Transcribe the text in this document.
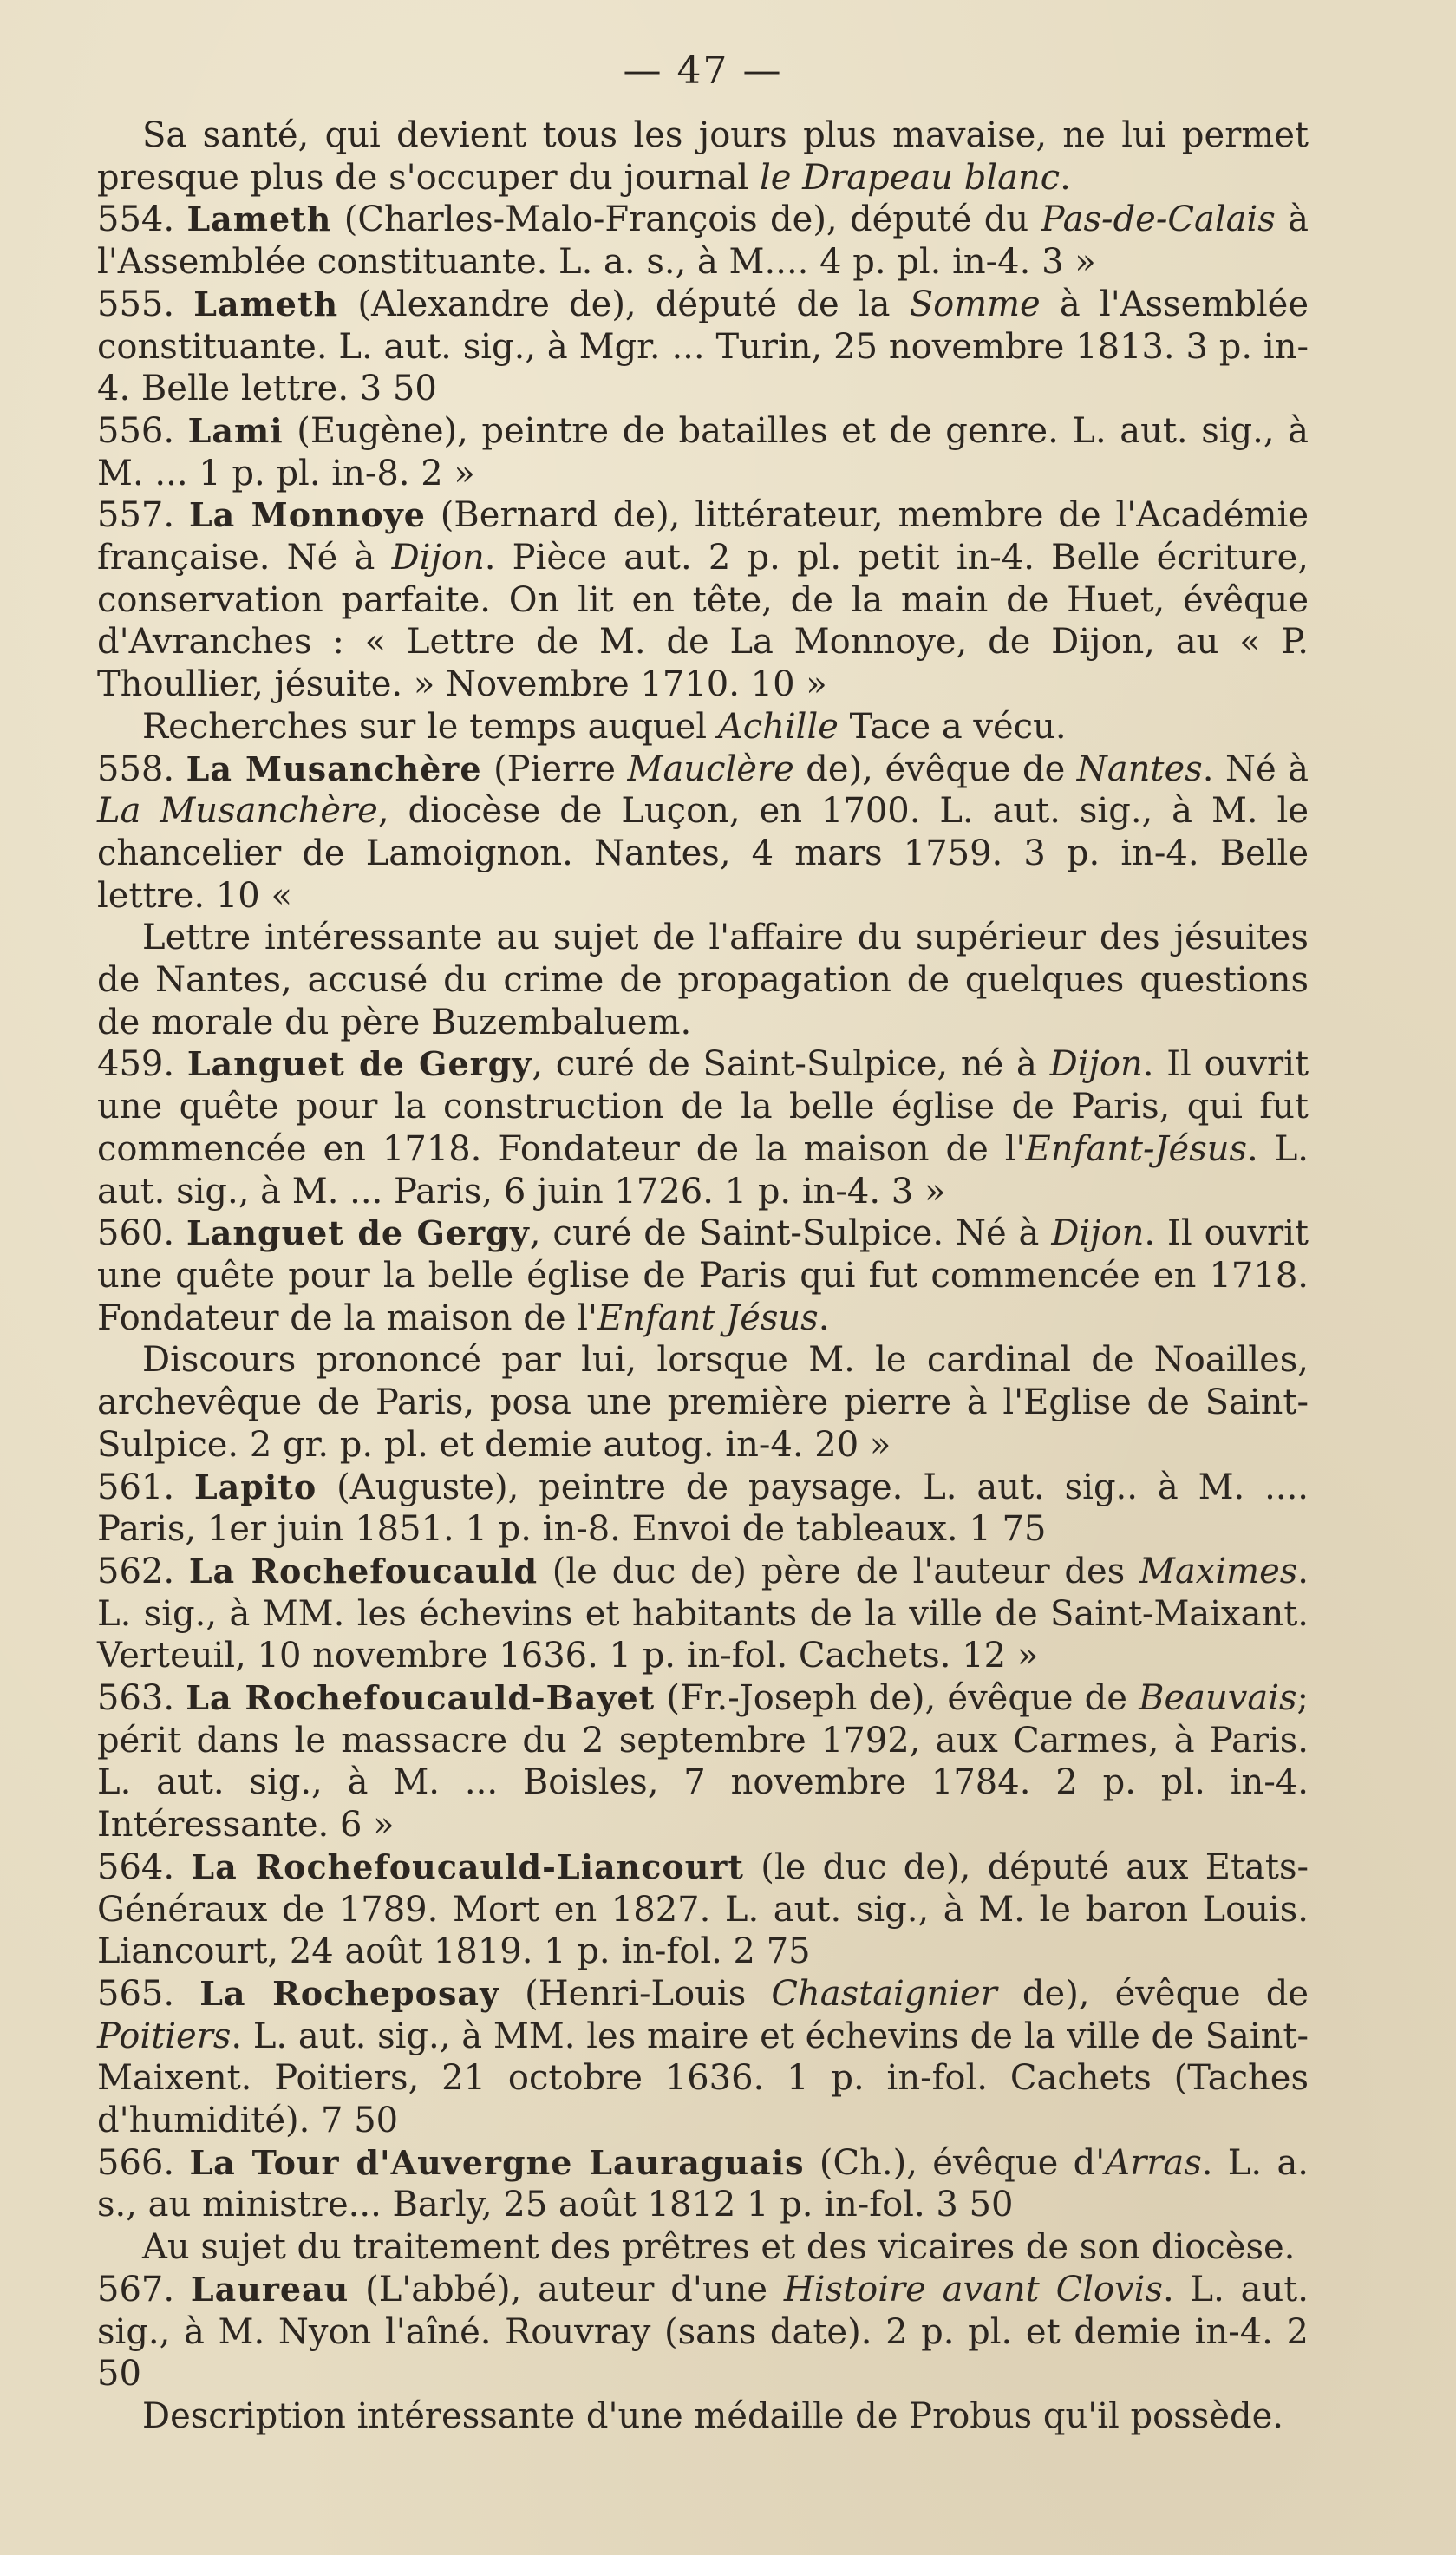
— 47 —

Sa santé, qui devient tous les jours plus mavaise, ne lui permet presque plus de s'occuper du journal le Drapeau blanc.

554. Lameth (Charles-Malo-François de), député du Pas-de-Calais à l'Assemblée constituante. L. a. s., à M.... 4 p. pl. in-4. 3 »

555. Lameth (Alexandre de), député de la Somme à l'Assemblée constituante. L. aut. sig., à Mgr. ... Turin, 25 novembre 1813. 3 p. in-4. Belle lettre. 3 50

556. Lami (Eugène), peintre de batailles et de genre. L. aut. sig., à M. ... 1 p. pl. in-8. 2 »

557. La Monnoye (Bernard de), littérateur, membre de l'Académie française. Né à Dijon. Pièce aut. 2 p. pl. petit in-4. Belle écriture, conservation parfaite. On lit en tête, de la main de Huet, évêque d'Avranches : « Lettre de M. de La Monnoye, de Dijon, au « P. Thoullier, jésuite. » Novembre 1710. 10 »

Recherches sur le temps auquel Achille Tace a vécu.

558. La Musanchère (Pierre Mauclère de), évêque de Nantes. Né à La Musanchère, diocèse de Luçon, en 1700. L. aut. sig., à M. le chancelier de Lamoignon. Nantes, 4 mars 1759. 3 p. in-4. Belle lettre. 10 «

Lettre intéressante au sujet de l'affaire du supérieur des jésuites de Nantes, accusé du crime de propagation de quelques questions de morale du père Buzembaluem.

459. Languet de Gergy, curé de Saint-Sulpice, né à Dijon. Il ouvrit une quête pour la construction de la belle église de Paris, qui fut commencée en 1718. Fondateur de la maison de l'Enfant-Jésus. L. aut. sig., à M. ... Paris, 6 juin 1726. 1 p. in-4. 3 »

560. Languet de Gergy, curé de Saint-Sulpice. Né à Dijon. Il ouvrit une quête pour la belle église de Paris qui fut commencée en 1718. Fondateur de la maison de l'Enfant Jésus.

Discours prononcé par lui, lorsque M. le cardinal de Noailles, archevêque de Paris, posa une première pierre à l'Eglise de Saint-Sulpice. 2 gr. p. pl. et demie autog. in-4. 20 »

561. Lapito (Auguste), peintre de paysage. L. aut. sig.. à M. .... Paris, 1er juin 1851. 1 p. in-8. Envoi de tableaux. 1 75

562. La Rochefoucauld (le duc de) père de l'auteur des Maximes. L. sig., à MM. les échevins et habitants de la ville de Saint-Maixant. Verteuil, 10 novembre 1636. 1 p. in-fol. Cachets. 12 »

563. La Rochefoucauld-Bayet (Fr.-Joseph de), évêque de Beauvais; périt dans le massacre du 2 septembre 1792, aux Carmes, à Paris. L. aut. sig., à M. ... Boisles, 7 novembre 1784. 2 p. pl. in-4. Intéressante. 6 »

564. La Rochefoucauld-Liancourt (le duc de), député aux Etats-Généraux de 1789. Mort en 1827. L. aut. sig., à M. le baron Louis. Liancourt, 24 août 1819. 1 p. in-fol. 2 75

565. La Rocheposay (Henri-Louis Chastaignier de), évêque de Poitiers. L. aut. sig., à MM. les maire et échevins de la ville de Saint-Maixent. Poitiers, 21 octobre 1636. 1 p. in-fol. Cachets (Taches d'humidité). 7 50

566. La Tour d'Auvergne Lauraguais (Ch.), évêque d'Arras. L. a. s., au ministre... Barly, 25 août 1812 1 p. in-fol. 3 50

Au sujet du traitement des prêtres et des vicaires de son diocèse.

567. Laureau (L'abbé), auteur d'une Histoire avant Clovis. L. aut. sig., à M. Nyon l'aîné. Rouvray (sans date). 2 p. pl. et demie in-4. 2 50

Description intéressante d'une médaille de Probus qu'il possède.
